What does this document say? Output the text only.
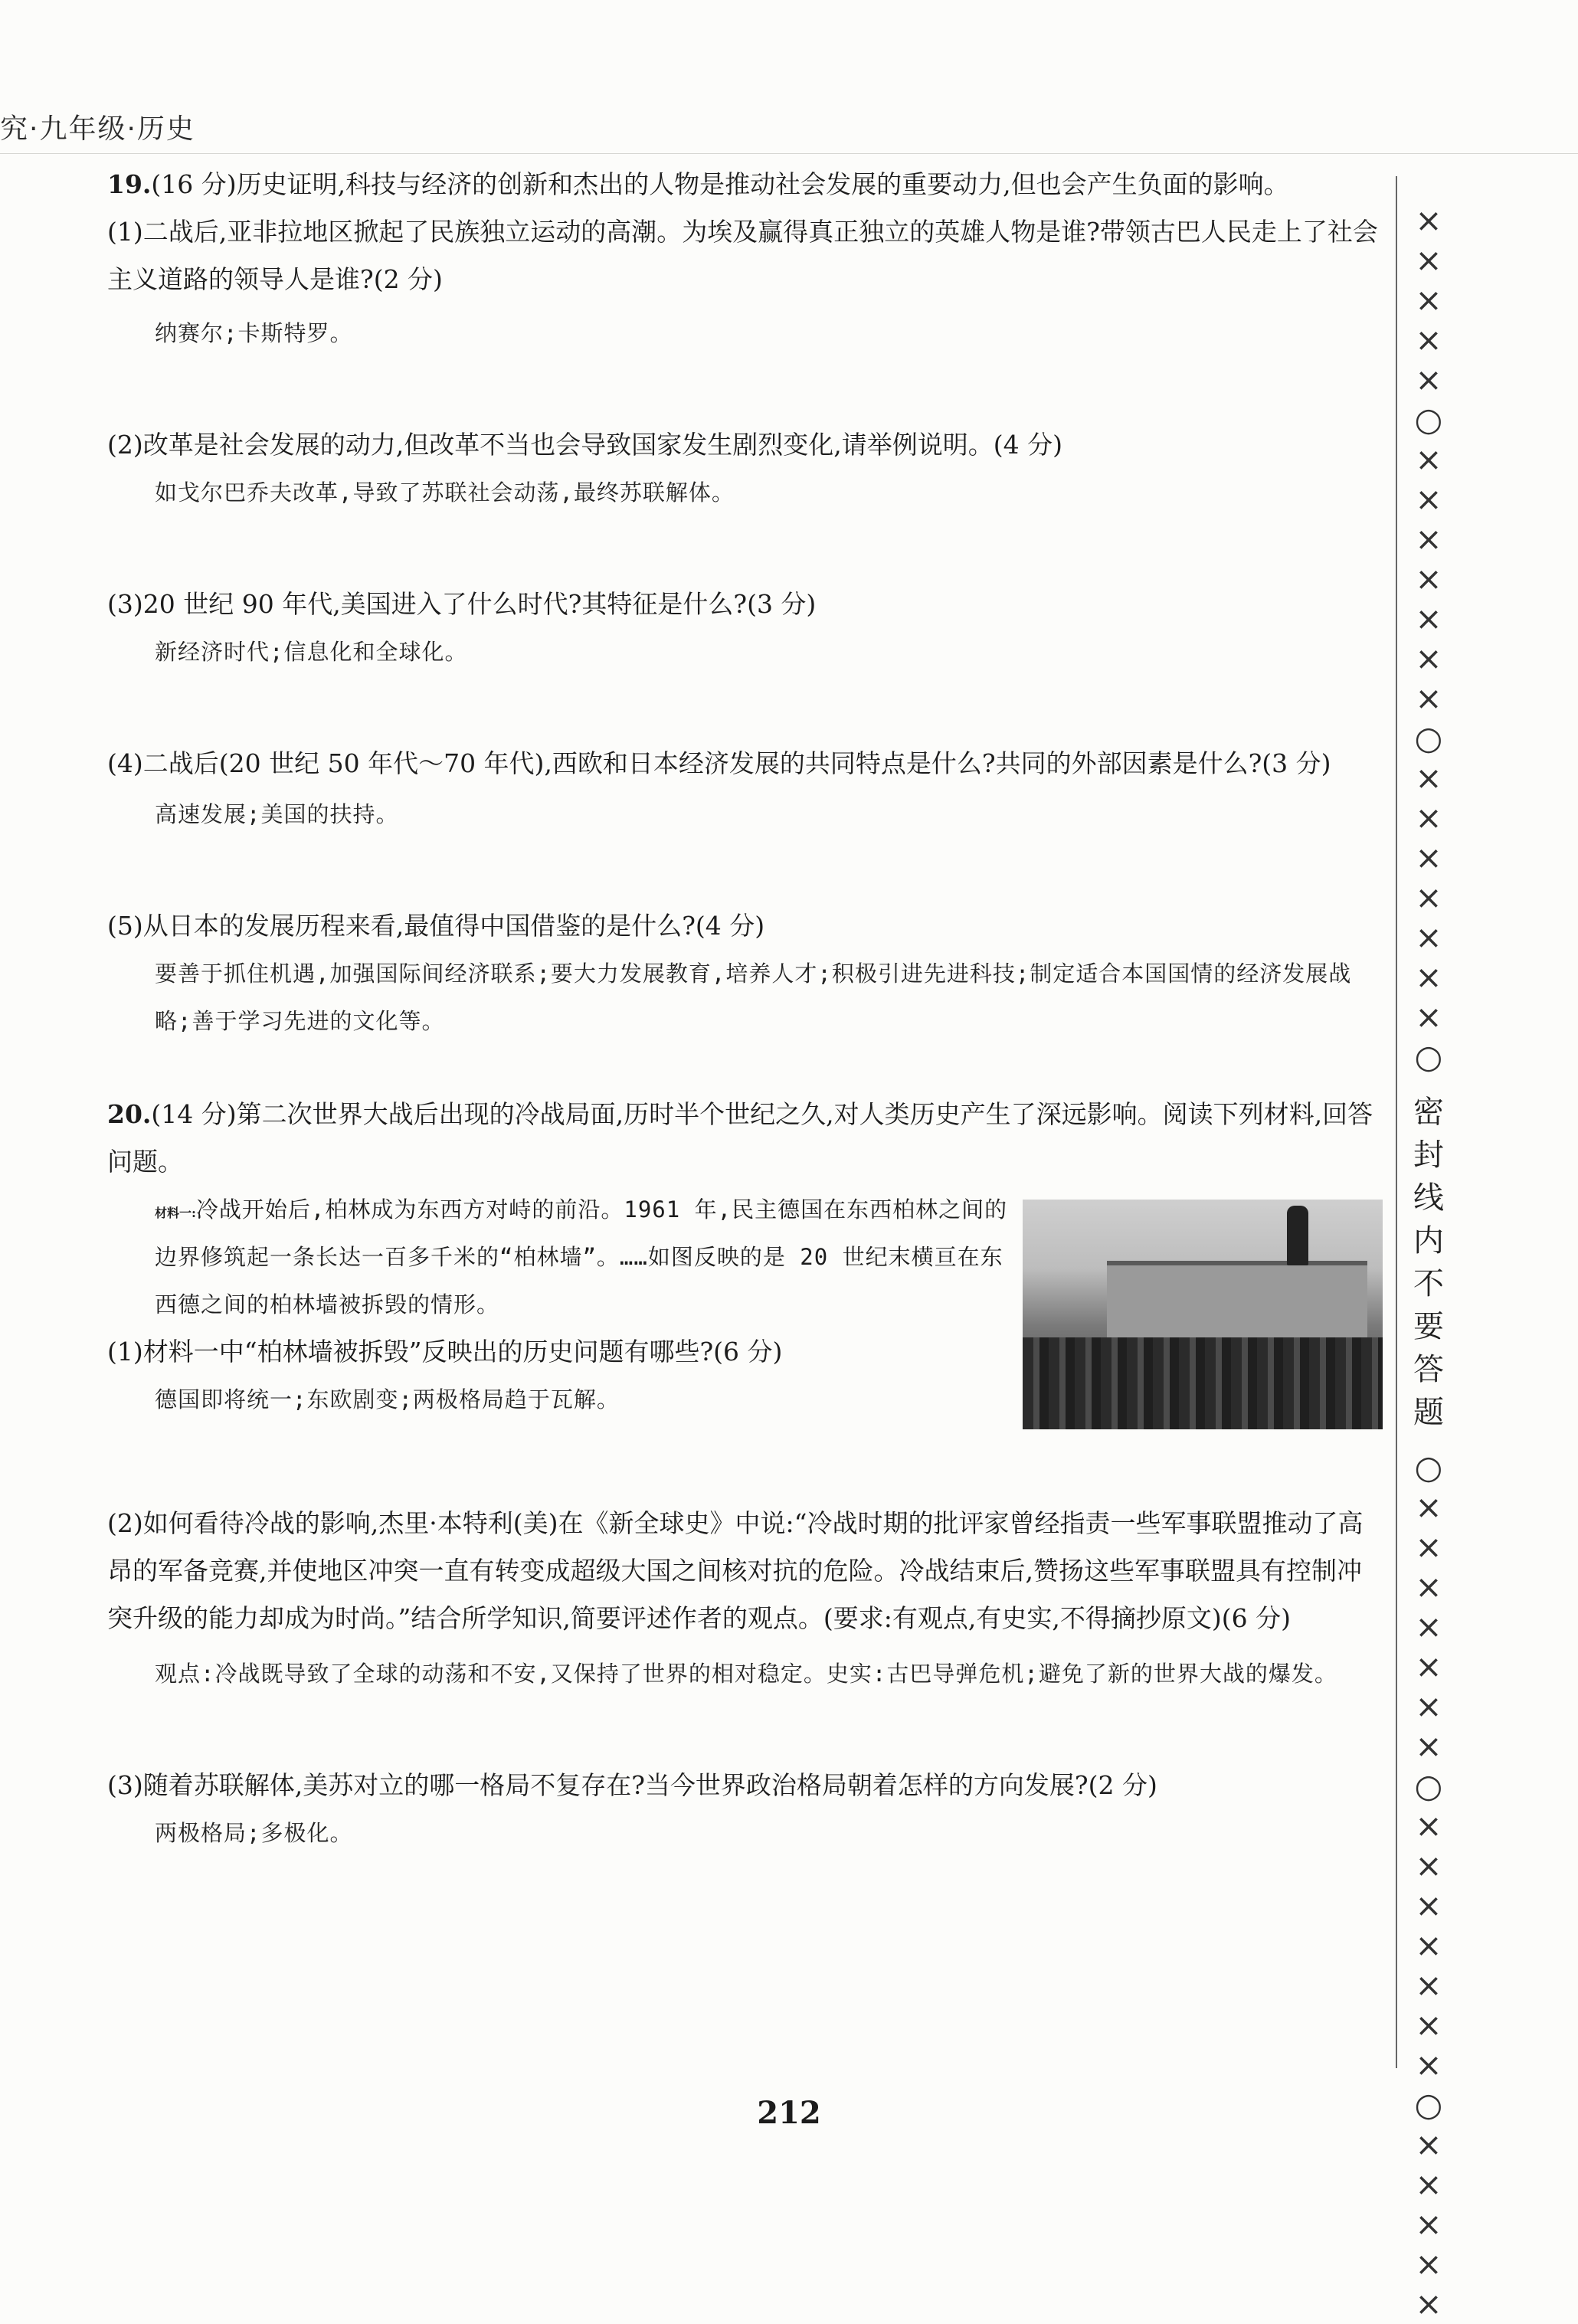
究·九年级·历史
19.(16 分)历史证明,科技与经济的创新和杰出的人物是推动社会发展的重要动力,但也会产生负面的影响。
(1)二战后,亚非拉地区掀起了民族独立运动的高潮。为埃及赢得真正独立的英雄人物是谁?带领古巴人民走上了社会主义道路的领导人是谁?(2 分)
纳赛尔;卡斯特罗。
(2)改革是社会发展的动力,但改革不当也会导致国家发生剧烈变化,请举例说明。(4 分)
如戈尔巴乔夫改革,导致了苏联社会动荡,最终苏联解体。
(3)20 世纪 90 年代,美国进入了什么时代?其特征是什么?(3 分)
新经济时代;信息化和全球化。
(4)二战后(20 世纪 50 年代～70 年代),西欧和日本经济发展的共同特点是什么?共同的外部因素是什么?(3 分)
高速发展;美国的扶持。
(5)从日本的发展历程来看,最值得中国借鉴的是什么?(4 分)
要善于抓住机遇,加强国际间经济联系;要大力发展教育,培养人才;积极引进先进科技;制定适合本国国情的经济发展战略;善于学习先进的文化等。
20.(14 分)第二次世界大战后出现的冷战局面,历时半个世纪之久,对人类历史产生了深远影响。阅读下列材料,回答问题。
材料一:冷战开始后,柏林成为东西方对峙的前沿。1961 年,民主德国在东西柏林之间的边界修筑起一条长达一百多千米的“柏林墙”。……如图反映的是 20 世纪末横亘在东西德之间的柏林墙被拆毁的情形。
(1)材料一中“柏林墙被拆毁”反映出的历史问题有哪些?(6 分)
德国即将统一;东欧剧变;两极格局趋于瓦解。
(2)如何看待冷战的影响,杰里·本特利(美)在《新全球史》中说:“冷战时期的批评家曾经指责一些军事联盟推动了高昂的军备竞赛,并使地区冲突一直有转变成超级大国之间核对抗的危险。冷战结束后,赞扬这些军事联盟具有控制冲突升级的能力却成为时尚。”结合所学知识,简要评述作者的观点。(要求:有观点,有史实,不得摘抄原文)(6 分)
观点:冷战既导致了全球的动荡和不安,又保持了世界的相对稳定。史实:古巴导弹危机;避免了新的世界大战的爆发。
(3)随着苏联解体,美苏对立的哪一格局不复存在?当今世界政治格局朝着怎样的方向发展?(2 分)
两极格局;多极化。
×
×
×
×
×
○
×
×
×
×
×
×
×
○
×
×
×
×
×
×
×
○
密
封
线
内
不
要
答
题
○
×
×
×
×
×
×
×
○
×
×
×
×
×
×
×
○
×
×
×
×
×
212
